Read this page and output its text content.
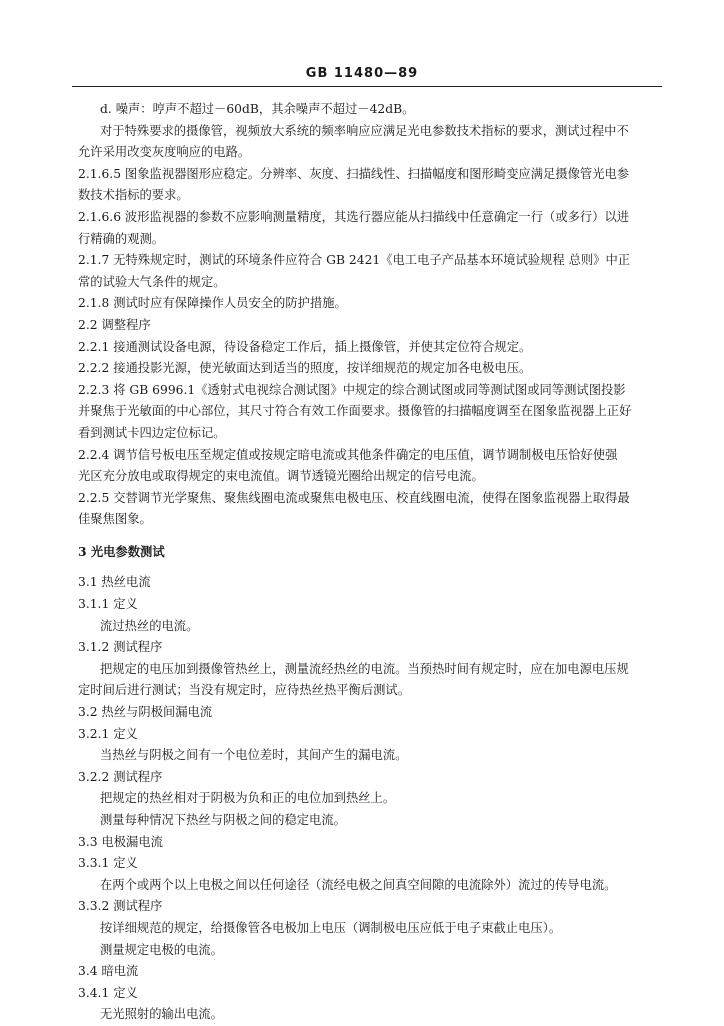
GB 11480—89
d. 噪声：哼声不超过－60dB，其余噪声不超过－42dB。
对于特殊要求的摄像管，视频放大系统的频率响应应满足光电参数技术指标的要求，测试过程中不
允许采用改变灰度响应的电路。
2.1.6.5 图象监视器图形应稳定。分辨率、灰度、扫描线性、扫描幅度和图形畸变应满足摄像管光电参
数技术指标的要求。
2.1.6.6 波形监视器的参数不应影响测量精度，其选行器应能从扫描线中任意确定一行（或多行）以进
行精确的观测。
2.1.7 无特殊规定时，测试的环境条件应符合 GB 2421《电工电子产品基本环境试验规程 总则》中正
常的试验大气条件的规定。
2.1.8 测试时应有保障操作人员安全的防护措施。
2.2 调整程序
2.2.1 接通测试设备电源，待设备稳定工作后，插上摄像管，并使其定位符合规定。
2.2.2 接通投影光源，使光敏面达到适当的照度，按详细规范的规定加各电极电压。
2.2.3 将 GB 6996.1《透射式电视综合测试图》中规定的综合测试图或同等测试图或同等测试图投影
并聚焦于光敏面的中心部位，其尺寸符合有效工作面要求。摄像管的扫描幅度调至在图象监视器上正好
看到测试卡四边定位标记。
2.2.4 调节信号板电压至规定值或按规定暗电流或其他条件确定的电压值，调节调制极电压恰好使强
光区充分放电或取得规定的束电流值。调节透镜光圈给出规定的信号电流。
2.2.5 交替调节光学聚焦、聚焦线圈电流或聚焦电极电压、校直线圈电流，使得在图象监视器上取得最
佳聚焦图象。
3 光电参数测试
3.1 热丝电流
3.1.1 定义
流过热丝的电流。
3.1.2 测试程序
把规定的电压加到摄像管热丝上，测量流经热丝的电流。当预热时间有规定时，应在加电源电压规
定时间后进行测试；当没有规定时，应待热丝热平衡后测试。
3.2 热丝与阴极间漏电流
3.2.1 定义
当热丝与阴极之间有一个电位差时，其间产生的漏电流。
3.2.2 测试程序
把规定的热丝相对于阴极为负和正的电位加到热丝上。
测量每种情况下热丝与阴极之间的稳定电流。
3.3 电极漏电流
3.3.1 定义
在两个或两个以上电极之间以任何途径（流经电极之间真空间隙的电流除外）流过的传导电流。
3.3.2 测试程序
按详细规范的规定，给摄像管各电极加上电压（调制极电压应低于电子束截止电压）。
测量规定电极的电流。
3.4 暗电流
3.4.1 定义
无光照射的输出电流。
